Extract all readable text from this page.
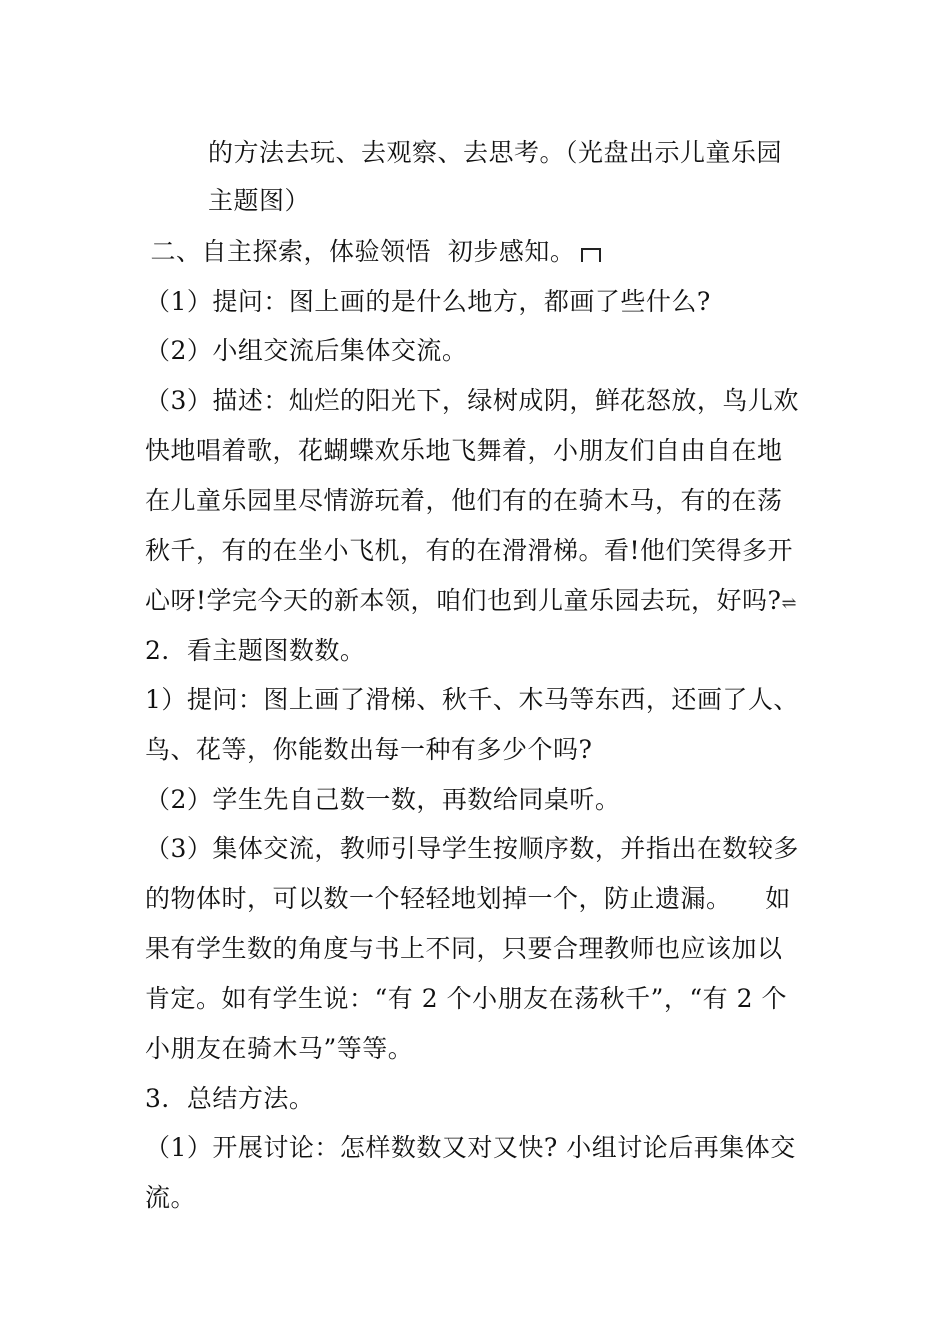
的方法去玩、去观察、去思考。（光盘出示儿童乐园
主题图）
二、自主探索，体验领悟  初步感知。
（1）提问：图上画的是什么地方，都画了些什么?
（2）小组交流后集体交流。
（3）描述：灿烂的阳光下，绿树成阴，鲜花怒放，鸟儿欢
快地唱着歌，花蝴蝶欢乐地飞舞着，小朋友们自由自在地
在儿童乐园里尽情游玩着，他们有的在骑木马，有的在荡
秋千，有的在坐小飞机，有的在滑滑梯。看!他们笑得多开
心呀!学完今天的新本领，咱们也到儿童乐园去玩，好吗?⇌
2．看主题图数数。
1）提问：图上画了滑梯、秋千、木马等东西，还画了人、
鸟、花等，你能数出每一种有多少个吗?
（2）学生先自己数一数，再数给同桌听。
（3）集体交流，教师引导学生按顺序数，并指出在数较多
的物体时，可以数一个轻轻地划掉一个，防止遗漏。    如
果有学生数的角度与书上不同，只要合理教师也应该加以
肯定。如有学生说：“有 2 个小朋友在荡秋千”，“有 2 个
小朋友在骑木马”等等。
3．总结方法。
（1）开展讨论：怎样数数又对又快? 小组讨论后再集体交
流。
